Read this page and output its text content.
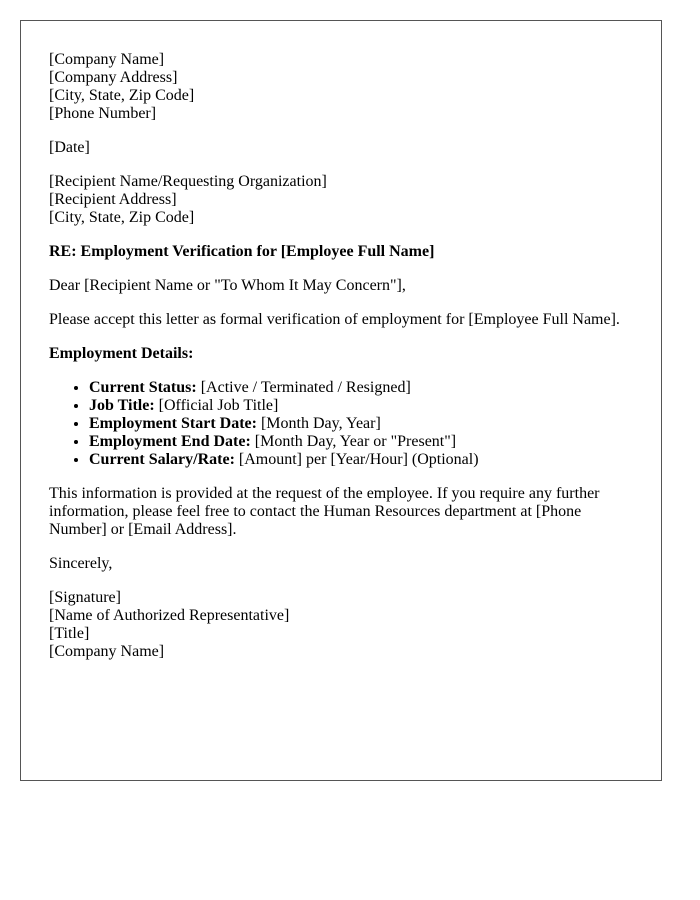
[Company Name]
[Company Address]
[City, State, Zip Code]
[Phone Number]
[Date]
[Recipient Name/Requesting Organization]
[Recipient Address]
[City, State, Zip Code]
RE: Employment Verification for [Employee Full Name]
Dear [Recipient Name or "To Whom It May Concern"],
Please accept this letter as formal verification of employment for [Employee Full Name].
Employment Details:
• Current Status: [Active / Terminated / Resigned]
• Job Title: [Official Job Title]
• Employment Start Date: [Month Day, Year]
• Employment End Date: [Month Day, Year or "Present"]
• Current Salary/Rate: [Amount] per [Year/Hour] (Optional)
This information is provided at the request of the employee. If you require any further information, please feel free to contact the Human Resources department at [Phone Number] or [Email Address].
Sincerely,
[Signature]
[Name of Authorized Representative]
[Title]
[Company Name]
